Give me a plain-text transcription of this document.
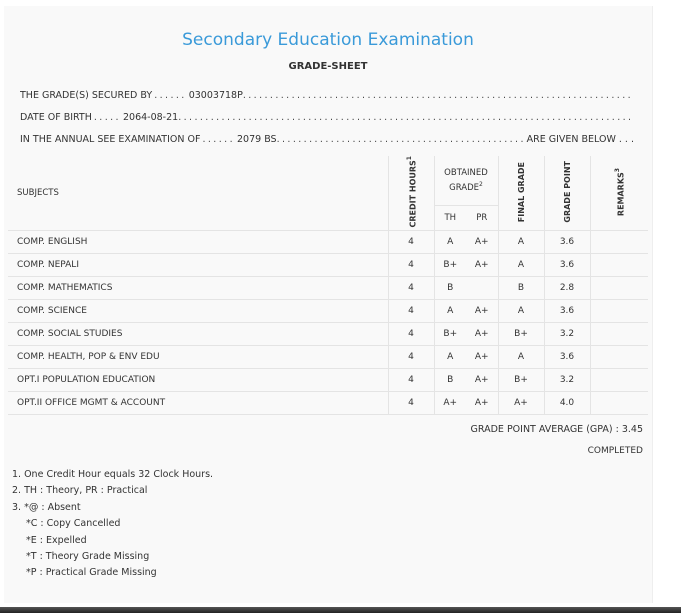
Secondary Education Examination
GRADE-SHEET
THE GRADE(S) SECURED BY ...... 03003718P
.....
DATE OF BIRTH ..... 2064-08-21
.....
IN THE ANNUAL SEE EXAMINATION OF ...... 2079 BS .....	ARE GIVEN BELOW . . .
SUBJECTS	CREDIT HOURS$^1$	OBTAINED GRADE$^2$		FINAL GRADE	GRADE POINT	REMARKS$^3$
		TH	PR			
COMP. ENGLISH	4	A	A+	A	3.6	
COMP. NEPALI	4	B+	A+	A	3.6	
COMP. MATHEMATICS	4	B		B	2.8	
COMP. SCIENCE	4	A	A+	A	3.6	
COMP. SOCIAL STUDIES	4	B+	A+	B+	3.2	
COMP. HEALTH, POP & ENV EDU	4	A	A+	A	3.6	
OPT.I POPULATION EDUCATION	4	B	A+	B+	3.2	
OPT.II OFFICE MGMT & ACCOUNT	4	A+	A+	A+	4.0	
GRADE POINT AVERAGE (GPA) : 3.45
COMPLETED
1. One Credit Hour equals 32 Clock Hours.
2. TH : Theory, PR : Practical
3. *@ : Absent
*C : Copy Cancelled
*E : Expelled
*T : Theory Grade Missing
*P : Practical Grade Missing
